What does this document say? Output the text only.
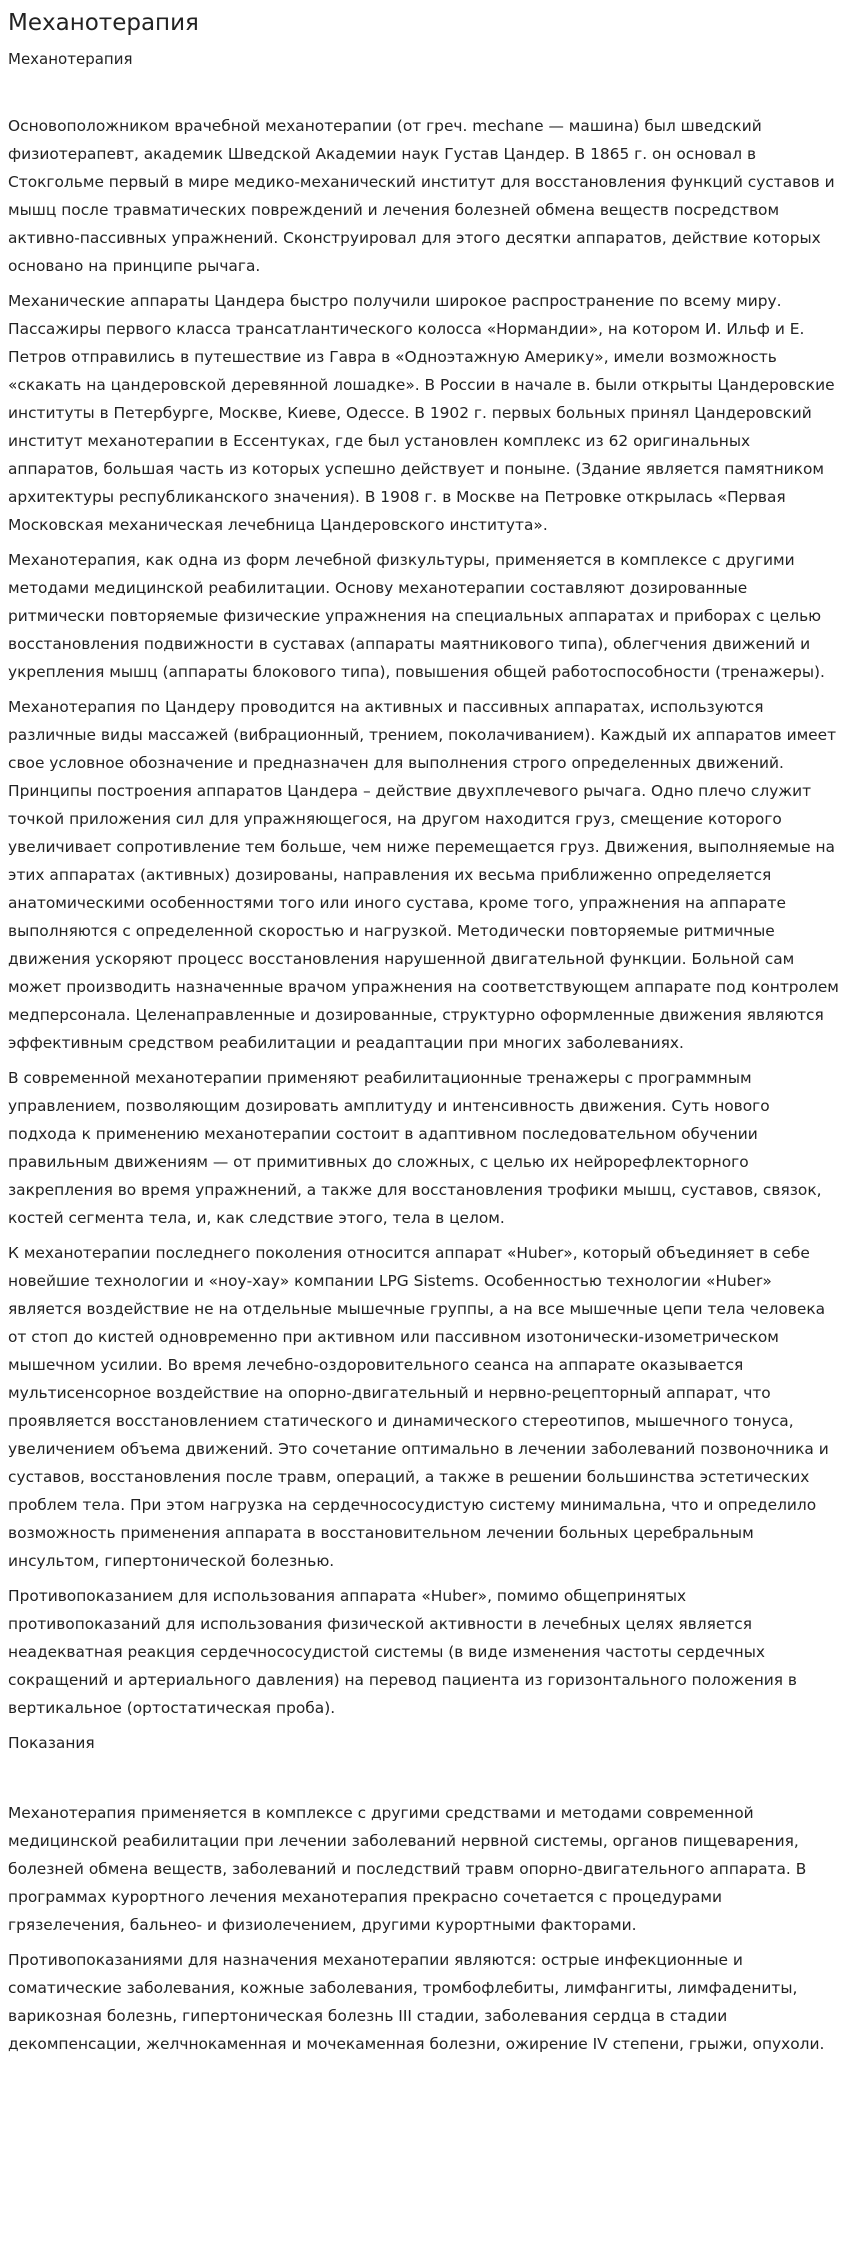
Механотерапия
Механотерапия

Основоположником врачебной механотерапии (от греч. mechane — машина) был шведский физиотерапевт, академик Шведской Академии наук Густав Цандер. В 1865 г. он основал в Стокгольме первый в мире медико-механический институт для восстановления функций суставов и мышц после травматических повреждений и лечения болезней обмена веществ посредством активно-пассивных упражнений. Сконструировал для этого десятки аппаратов, действие которых основано на принципе рычага.

Механические аппараты Цандера быстро получили широкое распространение по всему миру. Пассажиры первого класса трансатлантического колосса «Нормандии», на котором И. Ильф и Е. Петров отправились в путешествие из Гавра в «Одноэтажную Америку», имели возможность «скакать на цандеровской деревянной лошадке». В России в начале в. были открыты Цандеровские институты в Петербурге, Москве, Киеве, Одессе. В 1902 г. первых больных принял Цандеровский институт механотерапии в Ессентуках, где был установлен комплекс из 62 оригинальных аппаратов, большая часть из которых успешно действует и поныне. (Здание является памятником архитектуры республиканского значения). В 1908 г. в Москве на Петровке открылась «Первая Московская механическая лечебница Цандеровского института».

Механотерапия, как одна из форм лечебной физкультуры, применяется в комплексе с другими методами медицинской реабилитации. Основу механотерапии составляют дозированные ритмически повторяемые физические упражнения на специальных аппаратах и приборах с целью восстановления подвижности в суставах (аппараты маятникового типа), облегчения движений и укрепления мышц (аппараты блокового типа), повышения общей работоспособности (тренажеры).

Механотерапия по Цандеру проводится на активных и пассивных аппаратах, используются различные виды массажей (вибрационный, трением, поколачиванием). Каждый их аппаратов имеет свое условное обозначение и предназначен для выполнения строго определенных движений. Принципы построения аппаратов Цандера – действие двухплечевого рычага. Одно плечо служит точкой приложения сил для упражняющегося, на другом находится груз, смещение которого увеличивает сопротивление тем больше, чем ниже перемещается груз. Движения, выполняемые на этих аппаратах (активных) дозированы, направления их весьма приближенно определяется анатомическими особенностями того или иного сустава, кроме того, упражнения на аппарате выполняются с определенной скоростью и нагрузкой. Методически повторяемые ритмичные движения ускоряют процесс восстановления нарушенной двигательной функции. Больной сам может производить назначенные врачом упражнения на соответствующем аппарате под контролем медперсонала. Целенаправленные и дозированные, структурно оформленные движения являются эффективным средством реабилитации и реадаптации при многих заболеваниях.

В современной механотерапии применяют реабилитационные тренажеры с программным управлением, позволяющим дозировать амплитуду и интенсивность движения. Суть нового подхода к применению механотерапии состоит в адаптивном последовательном обучении правильным движениям — от примитивных до сложных, с целью их нейрорефлекторного закрепления во время упражнений, а также для восстановления трофики мышц, суставов, связок, костей сегмента тела, и, как следствие этого, тела в целом.

К механотерапии последнего поколения относится аппарат «Huber», который объединяет в себе новейшие технологии и «ноу-хау» компании LPG Sistems. Особенностью технологии «Huber» является воздействие не на отдельные мышечные группы, а на все мышечные цепи тела человека от стоп до кистей одновременно при активном или пассивном изотонически-изометрическом мышечном усилии. Во время лечебно-оздоровительного сеанса на аппарате оказывается мультисенсорное воздействие на опорно-двигательный и нервно-рецепторный аппарат, что проявляется восстановлением статического и динамического стереотипов, мышечного тонуса, увеличением объема движений. Это сочетание оптимально в лечении заболеваний позвоночника и суставов, восстановления после травм, операций, а также в решении большинства эстетических проблем тела. При этом нагрузка на сердечнососудистую систему минимальна, что и определило возможность применения аппарата в восстановительном лечении больных церебральным инсультом, гипертонической болезнью.

Противопоказанием для использования аппарата «Huber», помимо общепринятых противопоказаний для использования физической активности в лечебных целях является неадекватная реакция сердечнососудистой системы (в виде изменения частоты сердечных сокращений и артериального давления) на перевод пациента из горизонтального положения в вертикальное (ортостатическая проба).

Показания

Механотерапия применяется в комплексе с другими средствами и методами современной медицинской реабилитации при лечении заболеваний нервной системы, органов пищеварения, болезней обмена веществ, заболеваний и последствий травм опорно-двигательного аппарата. В программах курортного лечения механотерапия прекрасно сочетается с процедурами грязелечения, бальнео- и физиолечением, другими курортными факторами.

Противопоказаниями для назначения механотерапии являются: острые инфекционные и соматические заболевания, кожные заболевания, тромбофлебиты, лимфангиты, лимфадениты, варикозная болезнь, гипертоническая болезнь III стадии, заболевания сердца в стадии декомпенсации, желчнокаменная и мочекаменная болезни, ожирение IV степени, грыжи, опухоли.
